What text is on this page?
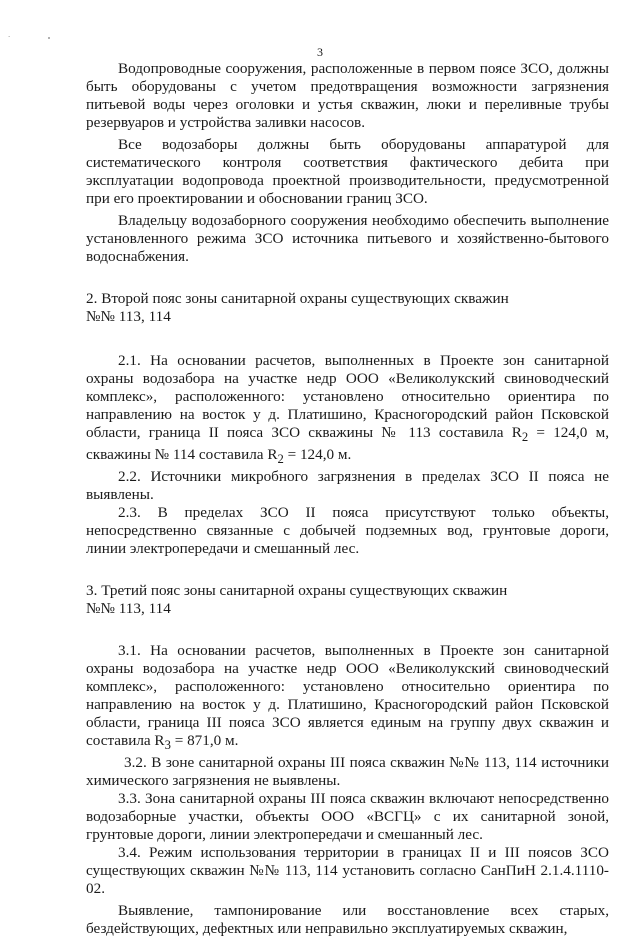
·
3

Водопроводные сооружения, расположенные в первом поясе ЗСО, должны быть оборудованы с учетом предотвращения возможности загрязнения питьевой воды через оголовки и устья скважин, люки и переливные трубы резервуаров и устройства заливки насосов.

Все водозаборы должны быть оборудованы аппаратурой для систематического контроля соответствия фактического дебита при эксплуатации водопровода проектной производительности, предусмотренной при его проектировании и обосновании границ ЗСО.

Владельцу водозаборного сооружения необходимо обеспечить выполнение установленного режима ЗСО источника питьевого и хозяйственно-бытового водоснабжения.

2. Второй пояс зоны санитарной охраны существующих скважин

№№ 113, 114

2.1. На основании расчетов, выполненных в Проекте зон санитарной охраны водозабора на участке недр ООО «Великолукский свиноводческий комплекс», расположенного: установлено относительно ориентира по направлению на восток у д. Платишино, Красногородский район Псковской области, граница II пояса ЗСО скважины № 113 составила $R_2 = 124,0$ м, скважины № 114 составила $R_2 = 124,0$ м.

2.2. Источники микробного загрязнения в пределах ЗСО II пояса не выявлены.

2.3. В пределах ЗСО II пояса присутствуют только объекты, непосредственно связанные с добычей подземных вод, грунтовые дороги, линии электропередачи и смешанный лес.

3. Третий пояс зоны санитарной охраны существующих скважин

№№ 113, 114

3.1. На основании расчетов, выполненных в Проекте зон санитарной охраны водозабора на участке недр ООО «Великолукский свиноводческий комплекс», расположенного: установлено относительно ориентира по направлению на восток у д. Платишино, Красногородский район Псковской области, граница III пояса ЗСО является единым на группу двух скважин и составила $R_3 = 871,0$ м.

3.2. В зоне санитарной охраны III пояса скважин №№ 113, 114 источники химического загрязнения не выявлены.

3.3. Зона санитарной охраны III пояса скважин включают непосредственно водозаборные участки, объекты ООО «ВСГЦ» с их санитарной зоной, грунтовые дороги, линии электропередачи и смешанный лес.

3.4. Режим использования территории в границах II и III поясов ЗСО существующих скважин №№ 113, 114 установить согласно СанПиН 2.1.4.1110-02.

Выявление, тампонирование или восстановление всех старых, бездействующих, дефектных или неправильно эксплуатируемых скважин,
